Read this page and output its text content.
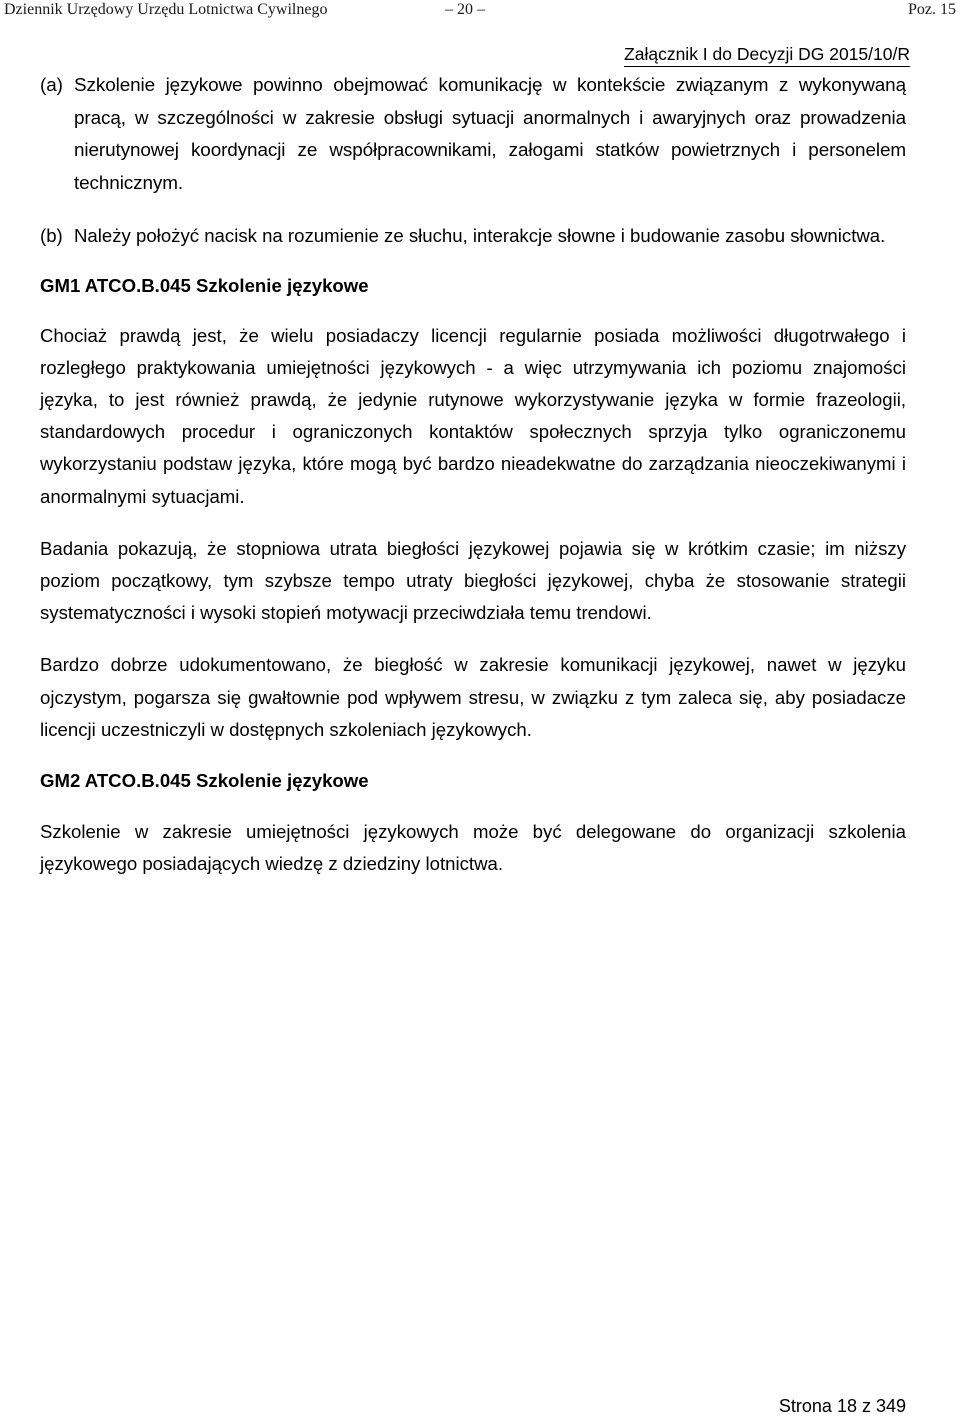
Dziennik Urzędowy Urzędu Lotnictwa Cywilnego	– 20 –	Poz. 15
Załącznik I do Decyzji DG 2015/10/R
(a) Szkolenie językowe powinno obejmować komunikację w kontekście związanym z wykonywaną pracą, w szczególności w zakresie obsługi sytuacji anormalnych i awaryjnych oraz prowadzenia nierutynowej koordynacji ze współpracownikami, załogami statków powietrznych i personelem technicznym.
(b) Należy położyć nacisk na rozumienie ze słuchu, interakcje słowne i budowanie zasobu słownictwa.
GM1 ATCO.B.045 Szkolenie językowe

Chociaż prawdą jest, że wielu posiadaczy licencji regularnie posiada możliwości długotrwałego i rozległego praktykowania umiejętności językowych - a więc utrzymywania ich poziomu znajomości języka, to jest również prawdą, że jedynie rutynowe wykorzystywanie języka w formie frazeologii, standardowych procedur i ograniczonych kontaktów społecznych sprzyja tylko ograniczonemu wykorzystaniu podstaw języka, które mogą być bardzo nieadekwatne do zarządzania nieoczekiwanymi i anormalnymi sytuacjami.

Badania pokazują, że stopniowa utrata biegłości językowej pojawia się w krótkim czasie; im niższy poziom początkowy, tym szybsze tempo utraty biegłości językowej, chyba że stosowanie strategii systematyczności i wysoki stopień motywacji przeciwdziała temu trendowi.

Bardzo dobrze udokumentowano, że biegłość w zakresie komunikacji językowej, nawet w języku ojczystym, pogarsza się gwałtownie pod wpływem stresu, w związku z tym zaleca się, aby posiadacze licencji uczestniczyli w dostępnych szkoleniach językowych.

GM2 ATCO.B.045 Szkolenie językowe

Szkolenie w zakresie umiejętności językowych może być delegowane do organizacji szkolenia językowego posiadających wiedzę z dziedziny lotnictwa.

Strona 18 z 349
